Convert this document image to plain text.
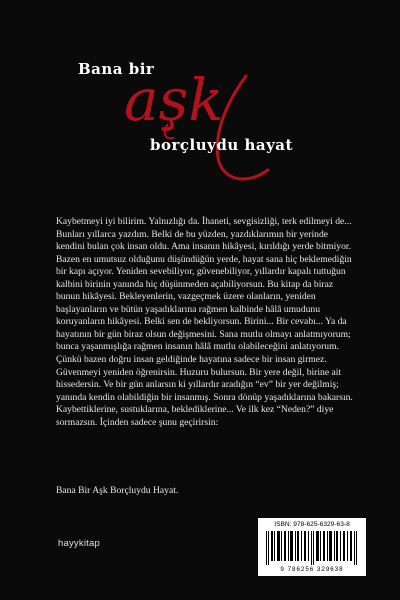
Bana bir
aşk
borçluydu hayat

Kaybetmeyi iyi bilirim. Yalnızlığı da. İhaneti, sevgisizliği, terk edilmeyi de... Bunları yıllarca yazdım. Belki de bu yüzden, yazdıklarımın bir yerinde kendini bulan çok insan oldu. Ama insanın hikâyesi, kırıldığı yerde bitmiyor. Bazen en umutsuz olduğunu düşündüğün yerde, hayat sana hiç beklemediğin bir kapı açıyor. Yeniden sevebiliyor, güvenebiliyor, yıllardır kapalı tuttuğun kalbini birinin yanında hiç düşünmeden açabiliyorsun. Bu kitap da biraz bunun hikâyesi. Bekleyenlerin, vazgeçmek üzere olanların, yeniden başlayanların ve bütün yaşadıklarına rağmen kalbinde hâlâ umudunu koruyanların hikâyesi. Belki sen de bekliyorsun. Birini... Bir cevabı... Ya da hayatının bir gün biraz olsun değişmesini. Sana mutlu olmayı anlatmıyorum; bunca yaşanmışlığa rağmen insanın hâlâ mutlu olabileceğini anlatıyorum. Çünkü bazen doğru insan geldiğinde hayatına sadece bir insan girmez. Güvenmeyi yeniden öğrenirsin. Huzuru bulursun. Bir yere değil, birine ait hissedersin. Ve bir gün anlarsın ki yıllardır aradığın “ev” bir yer değilmiş; yanında kendin olabildiğin bir insanmış. Sonra dönüp yaşadıklarına bakarsın. Kaybettiklerine, sustuklarına, beklediklerine... Ve ilk kez “Neden?” diye sormazsın. İçinden sadece şunu geçirirsin:

Bana Bir Aşk Borçluydu Hayat.
hayykitap
ISBN: 978-625-6329-63-8
9 786256 329638
